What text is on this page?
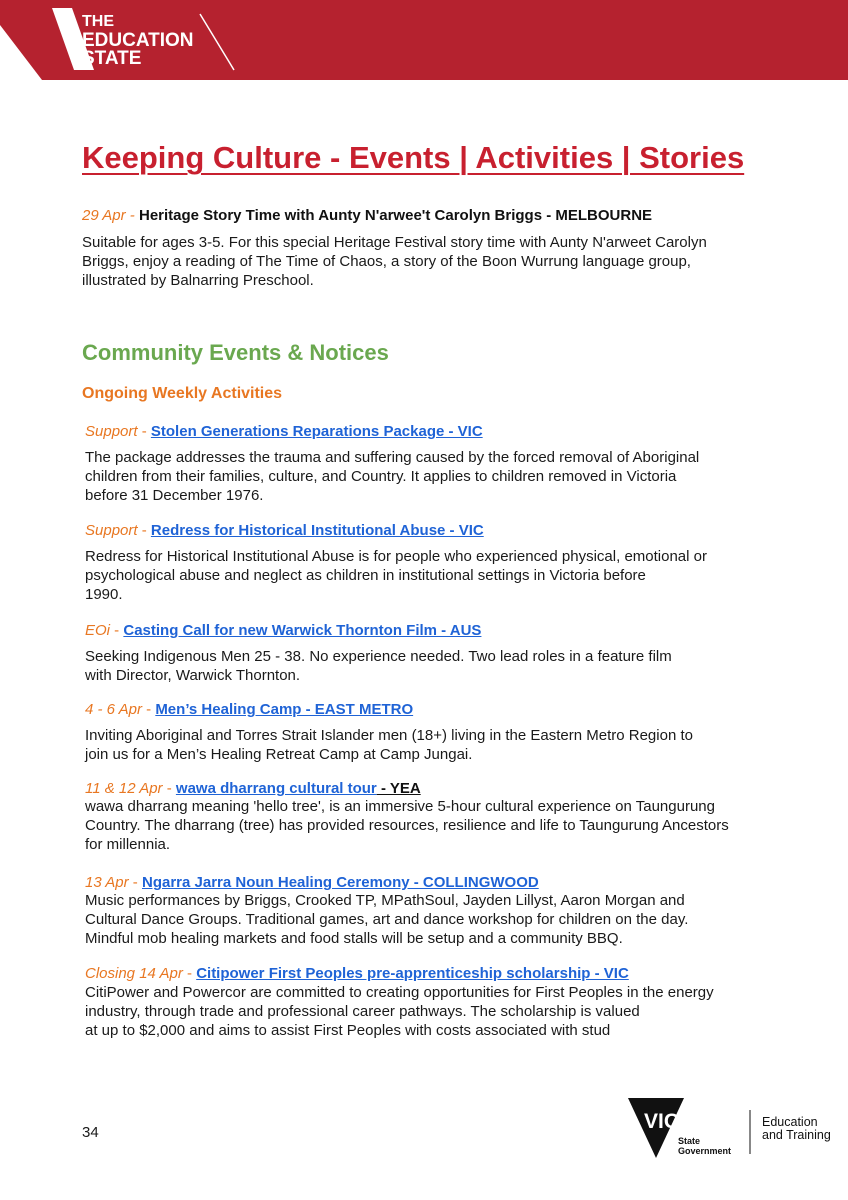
THE
EDUCATION
STATE
Keeping Culture - Events | Activities | Stories
29 Apr - Heritage Story Time with Aunty N'arwee't Carolyn Briggs - MELBOURNE
Suitable for ages 3-5. For this special Heritage Festival story time with Aunty N'arweet Carolyn
Briggs, enjoy a reading of The Time of Chaos, a story of the Boon Wurrung language group,
illustrated by Balnarring Preschool.
Community Events & Notices
Ongoing Weekly Activities
Support - Stolen Generations Reparations Package - VIC
The package addresses the trauma and suffering caused by the forced removal of Aboriginal
children from their families, culture, and Country. It applies to children removed in Victoria
before 31 December 1976.
Support - Redress for Historical Institutional Abuse - VIC
Redress for Historical Institutional Abuse is for people who experienced physical, emotional or
psychological abuse and neglect as children in institutional settings in Victoria before
1990.
EOi - Casting Call for new Warwick Thornton Film - AUS
Seeking Indigenous Men 25 - 38. No experience needed. Two lead roles in a feature film
with Director, Warwick Thornton.
4 - 6 Apr - Men’s Healing Camp - EAST METRO
Inviting Aboriginal and Torres Strait Islander men (18+) living in the Eastern Metro Region to
join us for a Men’s Healing Retreat Camp at Camp Jungai.
11 & 12 Apr - wawa dharrang cultural tour - YEA
wawa dharrang meaning 'hello tree', is an immersive 5-hour cultural experience on Taungurung
Country. The dharrang (tree) has provided resources, resilience and life to Taungurung Ancestors
for millennia.
13 Apr - Ngarra Jarra Noun Healing Ceremony - COLLINGWOOD
Music performances by Briggs, Crooked TP, MPathSoul, Jayden Lillyst, Aaron Morgan and
Cultural Dance Groups. Traditional games, art and dance workshop for children on the day.
Mindful mob healing markets and food stalls will be setup and a community BBQ.
Closing 14 Apr - Citipower First Peoples pre-apprenticeship scholarship - VIC
CitiPower and Powercor are committed to creating opportunities for First Peoples in the energy
industry, through trade and professional career pathways. The scholarship is valued
at up to $2,000 and aims to assist First Peoples with costs associated with stud
34	VICTORIA
State
Government
Education
and Training
